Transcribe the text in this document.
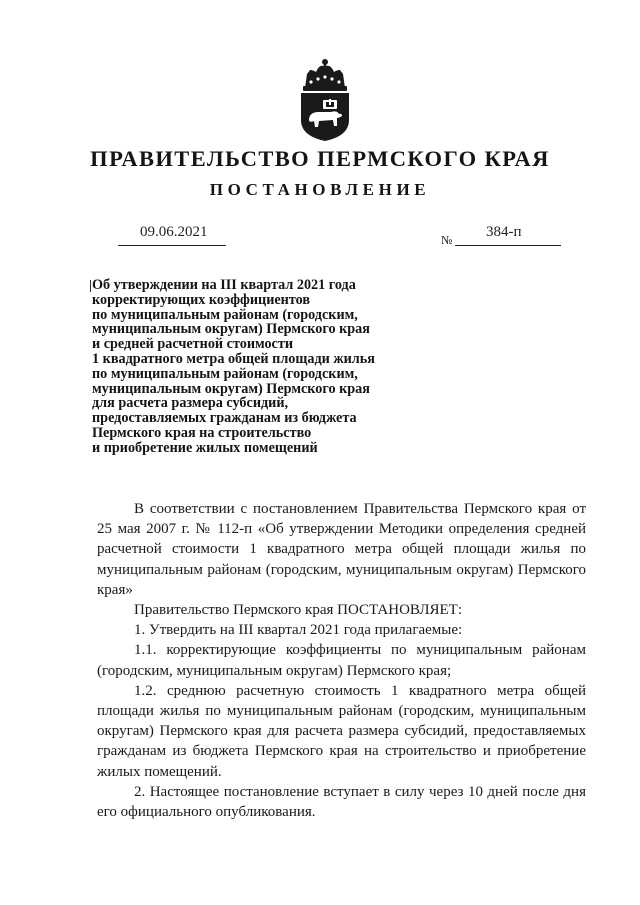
ПРАВИТЕЛЬСТВО ПЕРМСКОГО КРАЯ
ПОСТАНОВЛЕНИЕ
09.06.2021	№ 384-п
Об утверждении на III квартал 2021 года
корректирующих коэффициентов
по муниципальным районам (городским,
муниципальным округам) Пермского края
и средней расчетной стоимости
1 квадратного метра общей площади жилья
по муниципальным районам (городским,
муниципальным округам) Пермского края
для расчета размера субсидий,
предоставляемых гражданам из бюджета
Пермского края на строительство
и приобретение жилых помещений

В соответствии с постановлением Правительства Пермского края от 25 мая 2007 г. № 112-п «Об утверждении Методики определения средней расчетной стоимости 1 квадратного метра общей площади жилья по муниципальным районам (городским, муниципальным округам) Пермского края»

Правительство Пермского края ПОСТАНОВЛЯЕТ:

1. Утвердить на III квартал 2021 года прилагаемые:

1.1. корректирующие коэффициенты по муниципальным районам (городским, муниципальным округам) Пермского края;

1.2. среднюю расчетную стоимость 1 квадратного метра общей площади жилья по муниципальным районам (городским, муниципальным округам) Пермского края для расчета размера субсидий, предоставляемых гражданам из бюджета Пермского края на строительство и приобретение жилых помещений.

2. Настоящее постановление вступает в силу через 10 дней после дня его официального опубликования.
